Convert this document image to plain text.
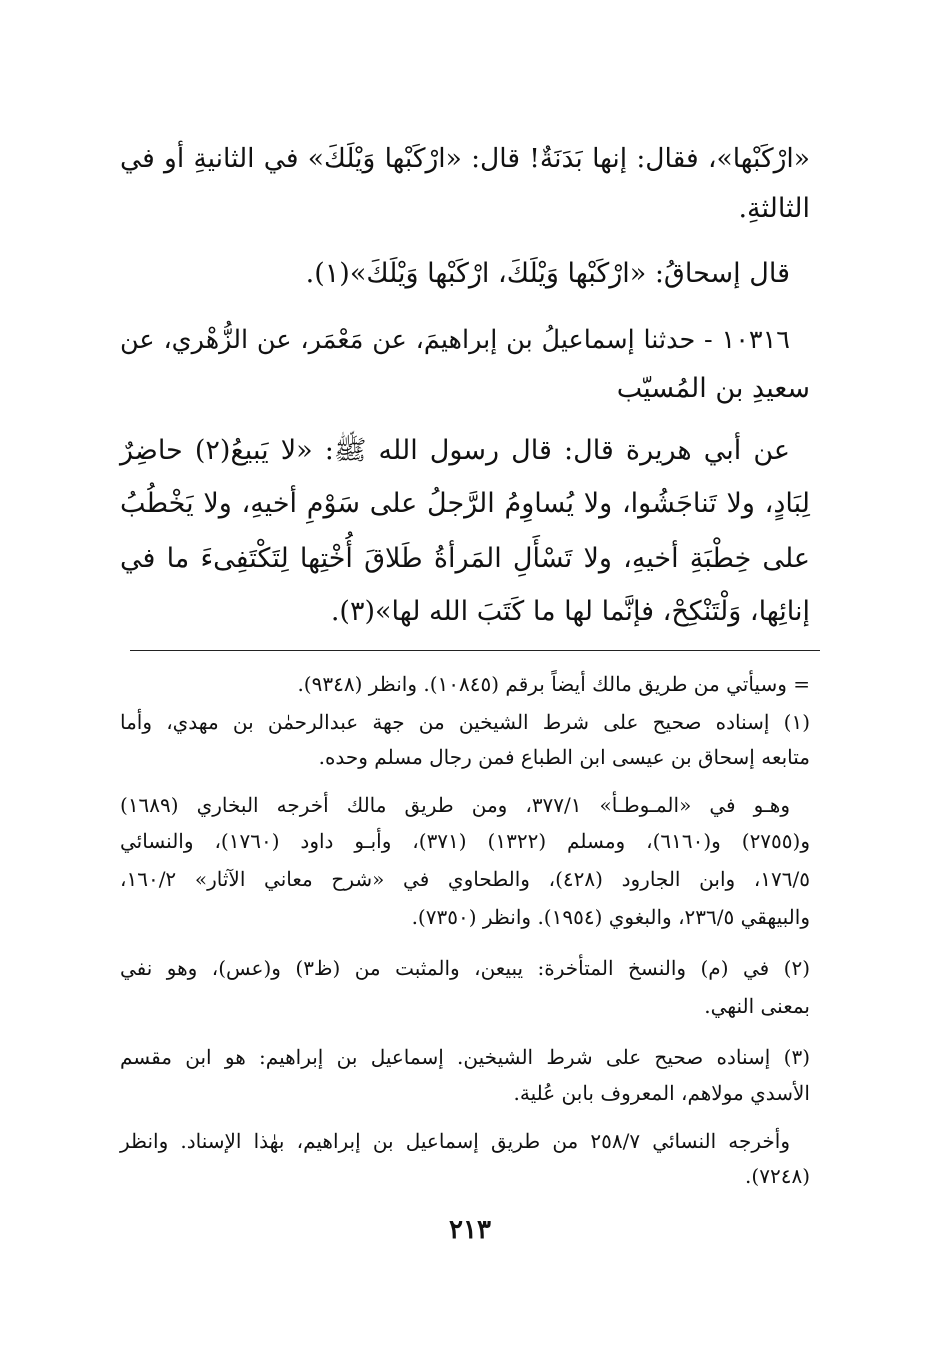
«ارْكَبْها»، فقال: إنها بَدَنَةٌ! قال: «ارْكَبْها وَيْلَكَ» في الثانيةِ أو في
الثالثةِ.
قال إسحاقُ: «ارْكَبْها وَيْلَكَ، ارْكَبْها وَيْلَكَ»(١).
١٠٣١٦ - حدثنا إسماعيلُ بن إبراهيمَ، عن مَعْمَر، عن الزُّهْري، عن
سعيدِ بن المُسيّب
عن أبي هريرة قال: قال رسول الله ﷺ: «لا يَبيعُ(٢) حاضِرٌ
لِبَادٍ، ولا تَناجَشُوا، ولا يُساوِمُ الرَّجلُ على سَوْمِ أخيهِ، ولا يَخْطُبُ
على خِطْبَةِ أخيهِ، ولا تَسْأَلِ المَرأةُ طَلاقَ أُخْتِها لِتَكْتَفِىءَ ما في
إنائِها، وَلْتَنْكِحْ، فإنَّما لها ما كَتَبَ الله لها»(٣).
= وسيأتي من طريق مالك أيضاً برقم (١٠٨٤٥). وانظر (٩٣٤٨).
(١) إسناده صحيح على شرط الشيخين من جهة عبدالرحمٰن بن مهدي، وأما
متابعه إسحاق بن عيسى ابن الطباع فمن رجال مسلم وحده.
وهـو في «المـوطـأ» ٣٧٧/١، ومن طريق مالك أخرجه البخاري (١٦٨٩)
و(٢٧٥٥) و(٦١٦٠)، ومسلم (١٣٢٢) (٣٧١)، وأبـو داود (١٧٦٠)، والنسائي
١٧٦/٥، وابن الجارود (٤٢٨)، والطحاوي في «شرح معاني الآثار» ١٦٠/٢،
والبيهقي ٢٣٦/٥، والبغوي (١٩٥٤). وانظر (٧٣٥٠).
(٢) في (م) والنسخ المتأخرة: يبيعن، والمثبت من (ظ٣) و(عس)، وهو نفي
بمعنى النهي.
(٣) إسناده صحيح على شرط الشيخين. إسماعيل بن إبراهيم: هو ابن مقسم
الأسدي مولاهم، المعروف بابن عُلية.
وأخرجه النسائي ٢٥٨/٧ من طريق إسماعيل بن إبراهيم، بهٰذا الإسناد. وانظر
(٧٢٤٨).
٢١٣
